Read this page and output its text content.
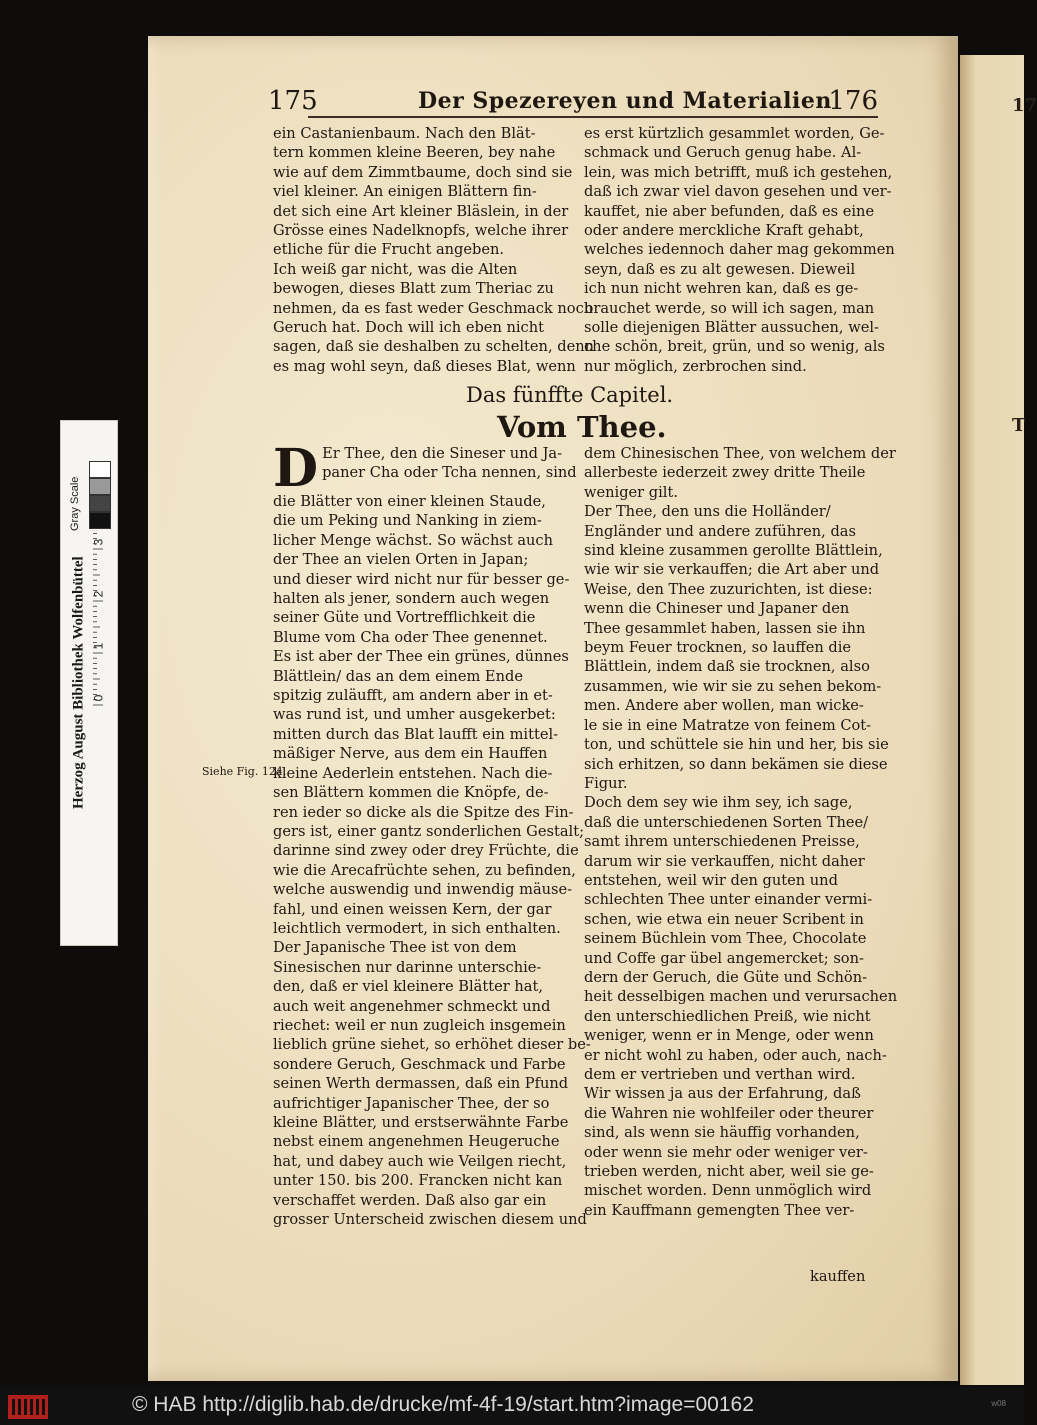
17
T
175	Der Spezereyen und Materialien
176
ein Castanienbaum. Nach den Blät-
tern kommen kleine Beeren, bey nahe
wie auf dem Zimmtbaume, doch sind sie
viel kleiner. An einigen Blättern fin-
det sich eine Art kleiner Bläslein, in der
Grösse eines Nadelknopfs, welche ihrer
etliche für die Frucht angeben.
Ich weiß gar nicht, was die Alten
bewogen, dieses Blatt zum Theriac zu
nehmen, da es fast weder Geschmack noch
Geruch hat. Doch will ich eben nicht
sagen, daß sie deshalben zu schelten, denn
es mag wohl seyn, daß dieses Blat, wenn
es erst kürtzlich gesammlet worden, Ge-
schmack und Geruch genug habe. Al-
lein, was mich betrifft, muß ich gestehen,
daß ich zwar viel davon gesehen und ver-
kauffet, nie aber befunden, daß es eine
oder andere merckliche Kraft gehabt,
welches iedennoch daher mag gekommen
seyn, daß es zu alt gewesen. Dieweil
ich nun nicht wehren kan, daß es ge-
brauchet werde, so will ich sagen, man
solle diejenigen Blätter aussuchen, wel-
che schön, breit, grün, und so wenig, als
nur möglich, zerbrochen sind.
Das fünffte Capitel.
Vom Thee.
D Er Thee, den die Sineser und Ja-
paner Cha oder Tcha nennen, sind
die Blätter von einer kleinen Staude,
die um Peking und Nanking in ziem-
licher Menge wächst. So wächst auch
der Thee an vielen Orten in Japan;
und dieser wird nicht nur für besser ge-
halten als jener, sondern auch wegen
seiner Güte und Vortrefflichkeit die
Blume vom Cha oder Thee genennet.
Es ist aber der Thee ein grünes, dünnes
Blättlein/ das an dem einem Ende
spitzig zuläufft, am andern aber in et-
was rund ist, und umher ausgekerbet:
mitten durch das Blat laufft ein mittel-
mäßiger Nerve, aus dem ein Hauffen
kleine Aederlein entstehen. Nach die-
sen Blättern kommen die Knöpfe, de-
ren ieder so dicke als die Spitze des Fin-
gers ist, einer gantz sonderlichen Gestalt;
darinne sind zwey oder drey Früchte, die
wie die Arecafrüchte sehen, zu befinden,
welche auswendig und inwendig mäuse-
fahl, und einen weissen Kern, der gar
leichtlich vermodert, in sich enthalten.
Der Japanische Thee ist von dem
Sinesischen nur darinne unterschie-
den, daß er viel kleinere Blätter hat,
auch weit angenehmer schmeckt und
riechet: weil er nun zugleich insgemein
lieblich grüne siehet, so erhöhet dieser be-
sondere Geruch, Geschmack und Farbe
seinen Werth dermassen, daß ein Pfund
aufrichtiger Japanischer Thee, der so
kleine Blätter, und erstserwähnte Farbe
nebst einem angenehmen Heugeruche
hat, und dabey auch wie Veilgen riecht,
unter 150. bis 200. Francken nicht kan
verschaffet werden. Daß also gar ein
grosser Unterscheid zwischen diesem und
dem Chinesischen Thee, von welchem der
allerbeste iederzeit zwey dritte Theile
weniger gilt.
Der Thee, den uns die Holländer/
Engländer und andere zuführen, das
sind kleine zusammen gerollte Blättlein,
wie wir sie verkauffen; die Art aber und
Weise, den Thee zuzurichten, ist diese:
wenn die Chineser und Japaner den
Thee gesammlet haben, lassen sie ihn
beym Feuer trocknen, so lauffen die
Blättlein, indem daß sie trocknen, also
zusammen, wie wir sie zu sehen bekom-
men. Andere aber wollen, man wicke-
le sie in eine Matratze von feinem Cot-
ton, und schüttele sie hin und her, bis sie
sich erhitzen, so dann bekämen sie diese
Figur.
Doch dem sey wie ihm sey, ich sage,
daß die unterschiedenen Sorten Thee/
samt ihrem unterschiedenen Preisse,
darum wir sie verkauffen, nicht daher
entstehen, weil wir den guten und
schlechten Thee unter einander vermi-
schen, wie etwa ein neuer Scribent in
seinem Büchlein vom Thee, Chocolate
und Coffe gar übel angemercket; son-
dern der Geruch, die Güte und Schön-
heit desselbigen machen und verursachen
den unterschiedlichen Preiß, wie nicht
weniger, wenn er in Menge, oder wenn
er nicht wohl zu haben, oder auch, nach-
dem er vertrieben und verthan wird.
Wir wissen ja aus der Erfahrung, daß
die Wahren nie wohlfeiler oder theurer
sind, als wenn sie häuffig vorhanden,
oder wenn sie mehr oder weniger ver-
trieben werden, nicht aber, weil sie ge-
mischet worden. Denn unmöglich wird
ein Kauffmann gemengten Thee ver-
Siehe Fig. 124.
kauffen
Herzog August Bibliothek Wolfenbüttel 0
1
2
3
Gray Scale
© HAB http://diglib.hab.de/drucke/mf-4f-19/start.htm?image=00162	w08
